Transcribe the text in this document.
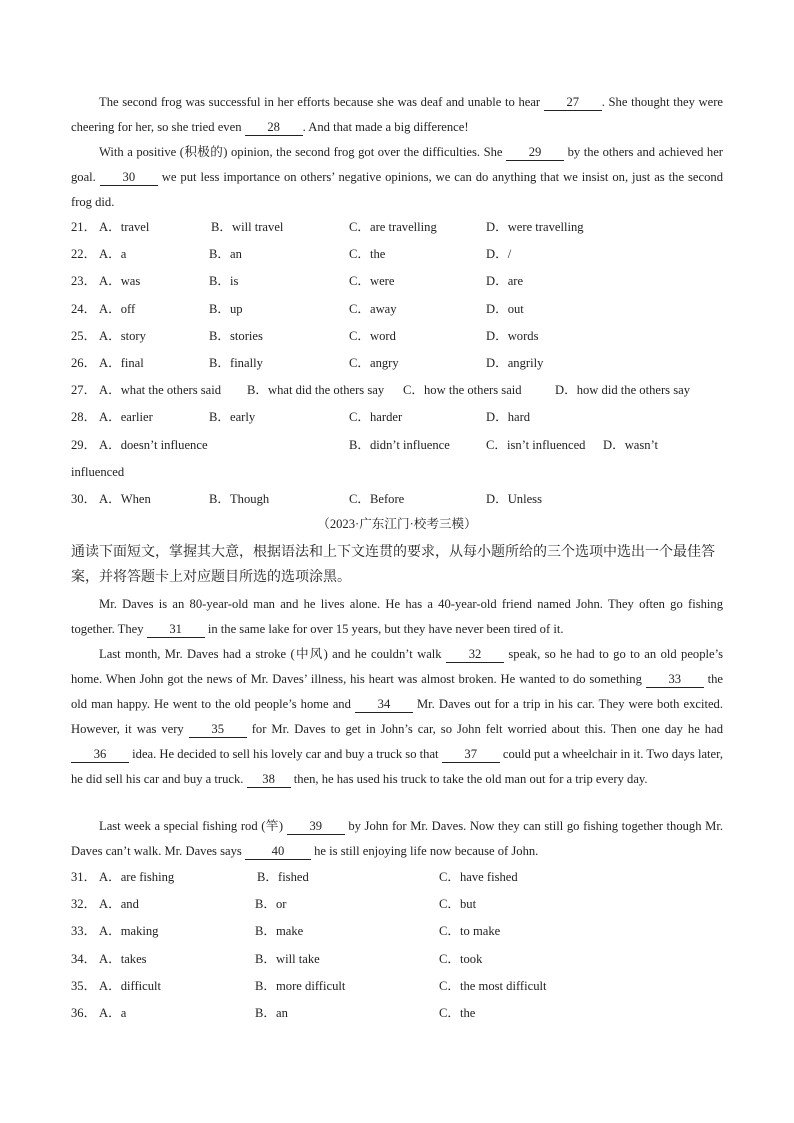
The second frog was successful in her efforts because she was deaf and unable to hear 27 . She thought they were cheering for her, so she tried even 28 . And that made a big difference!

With a positive (积极的) opinion, the second frog got over the difficulties. She 29 by the others and achieved her goal. 30 we put less importance on others’ negative opinions, we can do anything that we insist on, just as the second frog did.

21． A．travel	B．will travel	C．are travelling	D．were travelling
22． A．a	B．an	C．the	D．/
23． A．was	B．is	C．were	D．are
24． A．off	B．up	C．away	D．out
25． A．story	B．stories	C．word	D．words
26． A．final	B．finally	C．angry	D．angrily
27． A．what the others said B．what did the others say C．how the others said	D．how did the others say
28． A．earlier	B．early	C．harder	D．hard
29． A．doesn’t influence	B．didn’t influence	C．isn’t influenced D．wasn’t
influenced
30． A．When	B．Though	C．Before	D．Unless
（2023·广东江门·校考三模）

通读下面短文，掌握其大意，根据语法和上下文连贯的要求，从每小题所给的三个选项中选出一个最佳答案，并将答题卡上对应题目所选的选项涂黑。

Mr. Daves is an 80-year-old man and he lives alone. He has a 40-year-old friend named John. They often go fishing together. They 31 in the same lake for over 15 years, but they have never been tired of it.

Last month, Mr. Daves had a stroke (中风) and he couldn’t walk 32 speak, so he had to go to an old people’s home. When John got the news of Mr. Daves’ illness, his heart was almost broken. He wanted to do something 33 the old man happy. He went to the old people’s home and 34 Mr. Daves out for a trip in his car. They were both excited. However, it was very 35 for Mr. Daves to get in John’s car, so John felt worried about this. Then one day he had 36 idea. He decided to sell his lovely car and buy a truck so that 37 could put a wheelchair in it. Two days later, he did sell his car and buy a truck. 38 then, he has used his truck to take the old man out for a trip every day.

Last week a special fishing rod (竿) 39 by John for Mr. Daves. Now they can still go fishing together though Mr. Daves can’t walk. Mr. Daves says 40 he is still enjoying life now because of John.

31． A．are fishing	B．fished	C．have fished
32． A．and	B．or	C．but
33． A．making	B．make	C．to make
34． A．takes	B．will take	C．took
35． A．difficult	B．more difficult	C．the most difficult
36． A．a	B．an	C．the
